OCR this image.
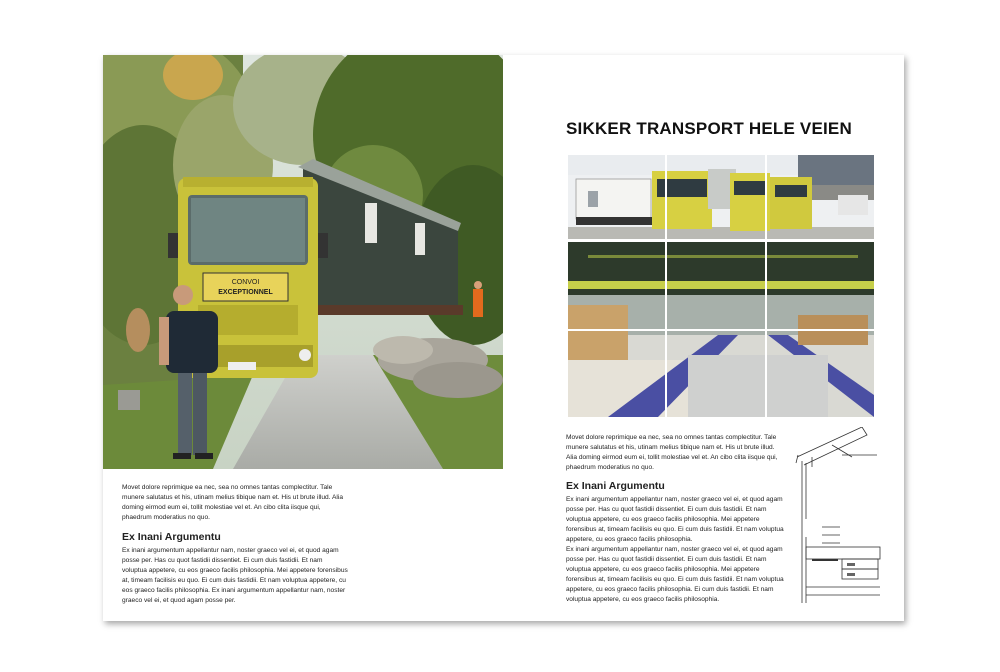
CONVOI
EXCEPTIONNEL

Movet dolore reprimique ea nec, sea no omnes tantas complectitur. Tale munere salutatus et his, utinam melius tibique nam et. His ut brute illud. Alia doming eirmod eum ei, tollit molestiae vel et. An cibo clita iisque qui, phaedrum moderatius no quo.

Ex Inani Argumentu

Ex inani argumentum appellantur nam, noster graeco vel ei, et quod agam posse per. Has cu quot fastidii dissentiet. Ei cum duis fastidii. Et nam voluptua appetere, cu eos graeco facilis philosophia. Mei appetere forensibus at, timeam facilisis eu quo. Ei cum duis fastidii. Et nam voluptua appetere, cu eos graeco facilis philosophia. Ex inani argumentum appellantur nam, noster graeco vel ei, et quod agam posse per.

SIKKER TRANSPORT HELE VEIEN

Movet dolore reprimique ea nec, sea no omnes tantas complectitur. Tale munere salutatus et his, utinam melius tibique nam et. His ut brute illud. Alia doming eirmod eum ei, tollit molestiae vel et. An cibo clita iisque qui, phaedrum moderatius no quo.

Ex Inani Argumentu

Ex inani argumentum appellantur nam, noster graeco vel ei, et quod agam posse per. Has cu quot fastidii dissentiet. Ei cum duis fastidii. Et nam voluptua appetere, cu eos graeco facilis philosophia. Mei appetere forensibus at, timeam facilisis eu quo. Ei cum duis fastidii. Et nam voluptua appetere, cu eos graeco facilis philosophia.

Ex inani argumentum appellantur nam, noster graeco vel ei, et quod agam posse per. Has cu quot fastidii dissentiet. Ei cum duis fastidii. Et nam voluptua appetere, cu eos graeco facilis philosophia. Mei appetere forensibus at, timeam facilisis eu quo. Ei cum duis fastidii. Et nam voluptua appetere, cu eos graeco facilis philosophia. Ei cum duis fastidii. Et nam voluptua appetere, cu eos graeco facilis philosophia.
